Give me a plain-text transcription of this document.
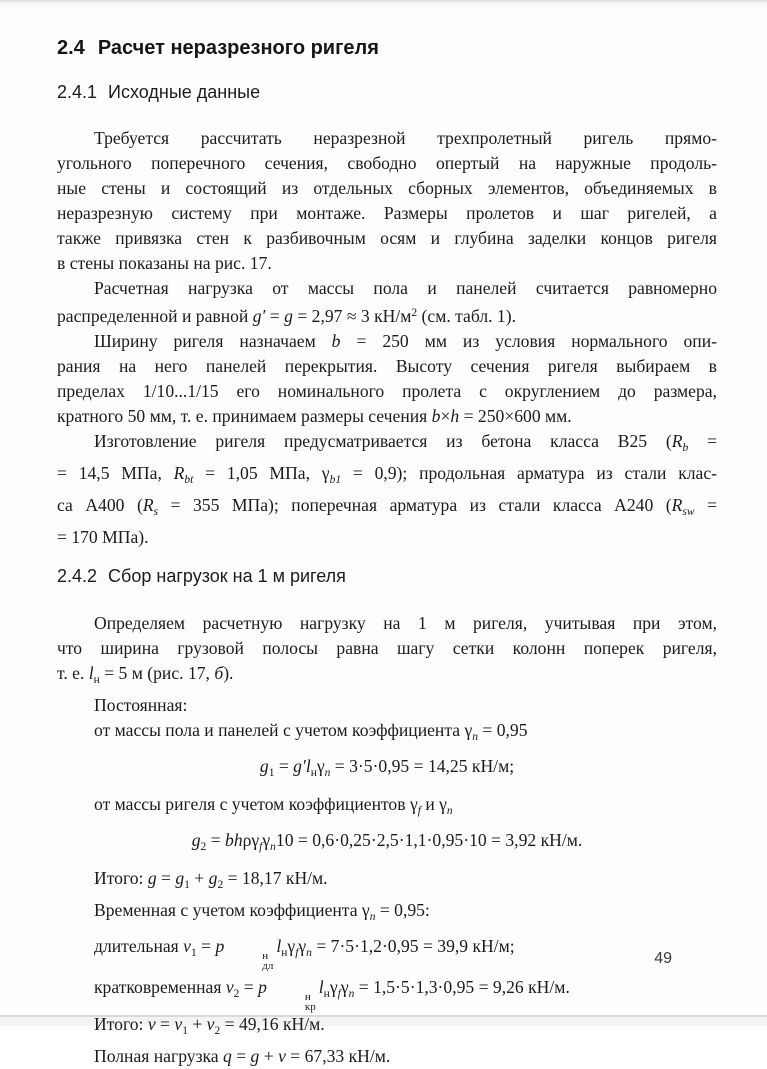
2.4 Расчет неразрезного ригеля
2.4.1 Исходные данные
Требуется рассчитать неразрезной трехпролетный ригель прямо-
угольного поперечного сечения, свободно опертый на наружные продоль-
ные стены и состоящий из отдельных сборных элементов, объединяемых в
неразрезную систему при монтаже. Размеры пролетов и шаг ригелей, а
также привязка стен к разбивочным осям и глубина заделки концов ригеля
в стены показаны на рис. 17.
Расчетная нагрузка от массы пола и панелей считается равномерно
распределенной и равной g′ = g = 2,97 ≈ 3 $кН/м^2$ (см. табл. 1).
Ширину ригеля назначаем b = 250 мм из условия нормального опи-
рания на него панелей перекрытия. Высоту сечения ригеля выбираем в
пределах 1/10...1/15 его номинального пролета с округлением до размера,
кратного 50 мм, т. е. принимаем размеры сечения b×h = 250×600 мм.
Изготовление ригеля предусматривается из бетона класса В25 ($R_b$ =
= 14,5 МПа, $R_{bt} = 1,05$ МПа, $\gamma_{b1} = 0,9$); продольная арматура из стали клас-
са А400 ($R_s = 355$ МПа); поперечная арматура из стали класса А240 ($R_{sw}$ =
= 170 МПа).
2.4.2 Сбор нагрузок на 1 м ригеля
Определяем расчетную нагрузку на 1 м ригеля, учитывая при этом,
что ширина грузовой полосы равна шагу сетки колонн поперек ригеля,
т. е. $l_н = 5$ м (рис. 17, б).
Постоянная:
от массы пола и панелей с учетом коэффициента $\gamma_n = 0,95$
$g_1 = g'l_н\gamma_n = 3\cdot 5\cdot 0,95 = 14,25$ кН/м;
от массы ригеля с учетом коэффициентов $\gamma_f$ и $\gamma_n$
$g_2 = bh\rho\gamma_f\gamma_n10 = 0,6\cdot 0,25\cdot 2,5\cdot 1,1\cdot 0,95\cdot 10 = 3,92$ кН/м.
Итого: $g = g_1 + g_2 = 18,17$ кН/м.
Временная с учетом коэффициента $\gamma_n = 0,95$:
длительная $v_1 = p$	н
дл
$l_н\gamma_f\gamma_n = 7\cdot 5\cdot 1,2\cdot 0,95 = 39,9$ кН/м;
кратковременная $v_2 = p$	н
кр
$l_н\gamma_f\gamma_n = 1,5\cdot 5\cdot 1,3\cdot 0,95 = 9,26$ кН/м.
Итого: $v = v_1 + v_2 = 49,16$ кН/м.
Полная нагрузка q = g + v = 67,33 кН/м.
49
